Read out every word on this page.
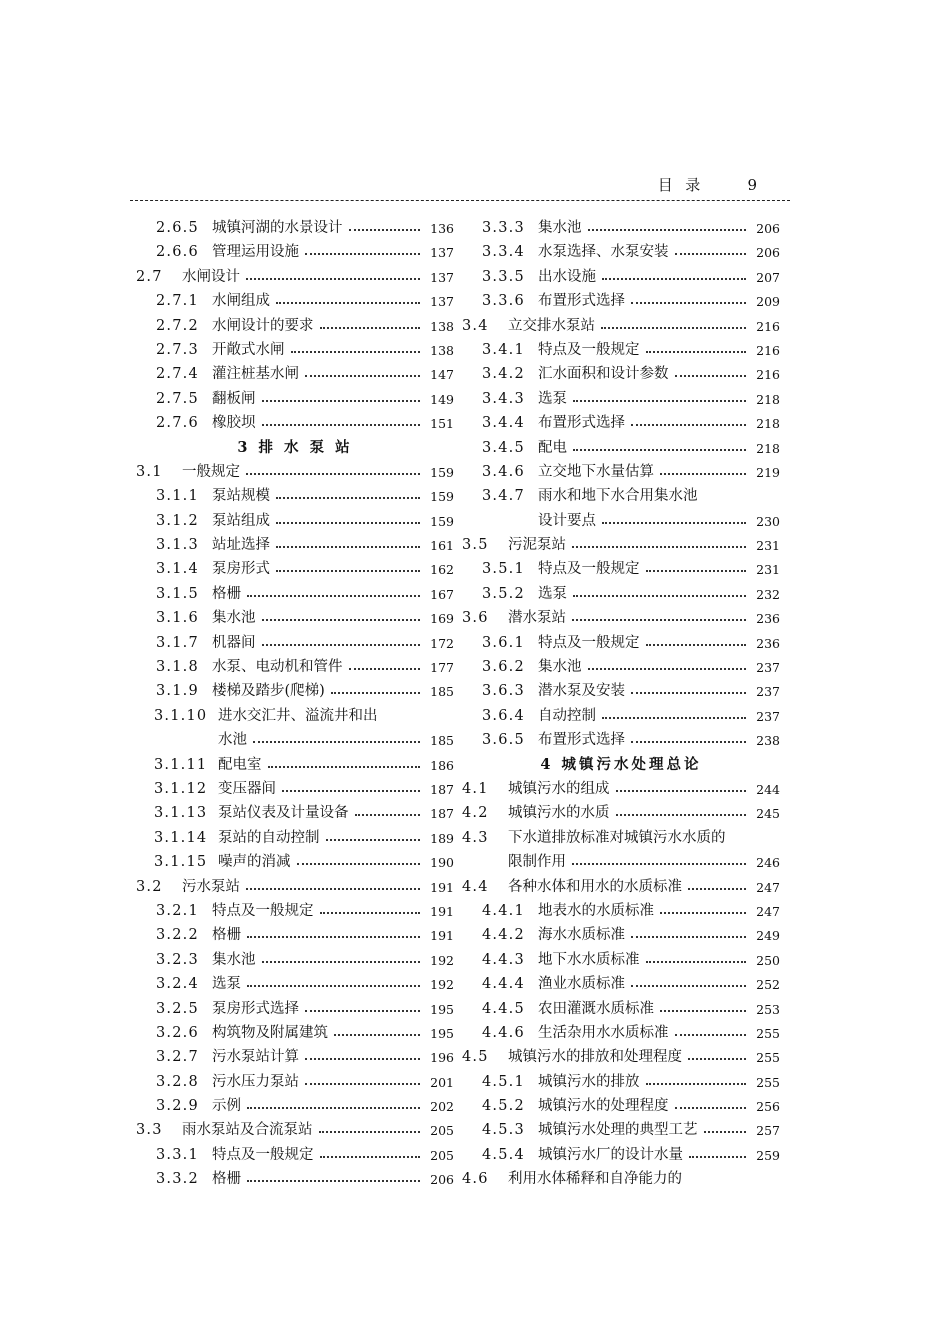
目  录	9
2.6.5 城镇河湖的水景设计	136
2.6.6 管理运用设施	137
2.7 水闸设计	137
2.7.1 水闸组成	137
2.7.2 水闸设计的要求	138
2.7.3 开敞式水闸	138
2.7.4 灌注桩基水闸	147
2.7.5 翻板闸	149
2.7.6 橡胶坝	151
3 排 水 泵 站
3.1 一般规定	159
3.1.1 泵站规模	159
3.1.2 泵站组成	159
3.1.3 站址选择	161
3.1.4 泵房形式	162
3.1.5 格栅	167
3.1.6 集水池	169
3.1.7 机器间	172
3.1.8 水泵、电动机和管件	177
3.1.9 楼梯及踏步(爬梯)	185
3.1.10 进水交汇井、溢流井和出
水池	185
3.1.11 配电室	186
3.1.12 变压器间	187
3.1.13 泵站仪表及计量设备	187
3.1.14 泵站的自动控制	189
3.1.15 噪声的消减	190
3.2 污水泵站	191
3.2.1 特点及一般规定	191
3.2.2 格栅	191
3.2.3 集水池	192
3.2.4 选泵	192
3.2.5 泵房形式选择	195
3.2.6 构筑物及附属建筑	195
3.2.7 污水泵站计算	196
3.2.8 污水压力泵站	201
3.2.9 示例	202
3.3 雨水泵站及合流泵站	205
3.3.1 特点及一般规定	205
3.3.2 格栅	206
3.3.3 集水池	206
3.3.4 水泵选择、水泵安装	206
3.3.5 出水设施	207
3.3.6 布置形式选择	209
3.4 立交排水泵站	216
3.4.1 特点及一般规定	216
3.4.2 汇水面积和设计参数	216
3.4.3 选泵	218
3.4.4 布置形式选择	218
3.4.5 配电	218
3.4.6 立交地下水量估算	219
3.4.7 雨水和地下水合用集水池
设计要点	230
3.5 污泥泵站	231
3.5.1 特点及一般规定	231
3.5.2 选泵	232
3.6 潜水泵站	236
3.6.1 特点及一般规定	236
3.6.2 集水池	237
3.6.3 潜水泵及安装	237
3.6.4 自动控制	237
3.6.5 布置形式选择	238
4 城镇污水处理总论
4.1 城镇污水的组成	244
4.2 城镇污水的水质	245
4.3 下水道排放标准对城镇污水水质的
限制作用	246
4.4 各种水体和用水的水质标准	247
4.4.1 地表水的水质标准	247
4.4.2 海水水质标准	249
4.4.3 地下水水质标准	250
4.4.4 渔业水质标准	252
4.4.5 农田灌溉水质标准	253
4.4.6 生活杂用水水质标准	255
4.5 城镇污水的排放和处理程度	255
4.5.1 城镇污水的排放	255
4.5.2 城镇污水的处理程度	256
4.5.3 城镇污水处理的典型工艺	257
4.5.4 城镇污水厂的设计水量	259
4.6 利用水体稀释和自净能力的
